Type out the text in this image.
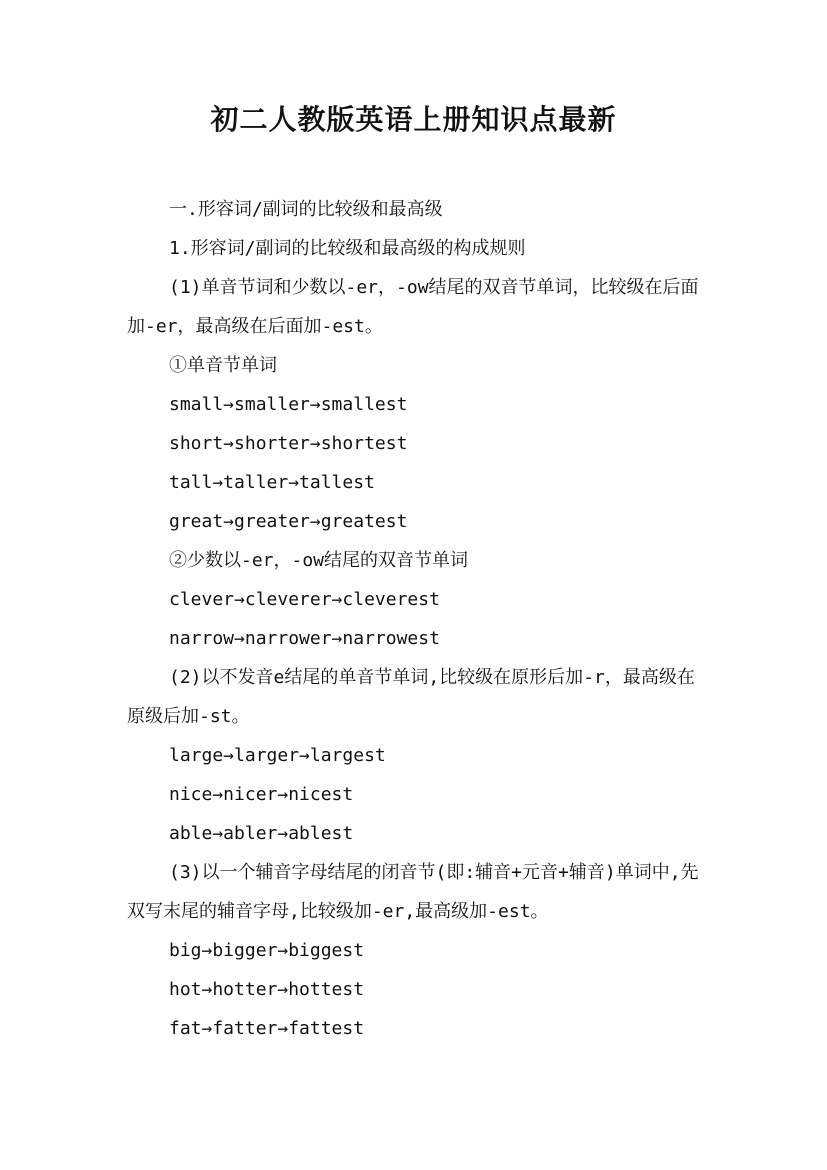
初二人教版英语上册知识点最新

一.形容词/副词的比较级和最高级

1.形容词/副词的比较级和最高级的构成规则

(1)单音节词和少数以-er，-ow结尾的双音节单词，比较级在后面加-er，最高级在后面加-est。

①单音节单词

small→smaller→smallest

short→shorter→shortest

tall→taller→tallest

great→greater→greatest

②少数以-er，-ow结尾的双音节单词

clever→cleverer→cleverest

narrow→narrower→narrowest

(2)以不发音e结尾的单音节单词,比较级在原形后加-r，最高级在原级后加-st。

large→larger→largest

nice→nicer→nicest

able→abler→ablest

(3)以一个辅音字母结尾的闭音节(即:辅音+元音+辅音)单词中,先双写末尾的辅音字母,比较级加-er,最高级加-est。

big→bigger→biggest

hot→hotter→hottest

fat→fatter→fattest
